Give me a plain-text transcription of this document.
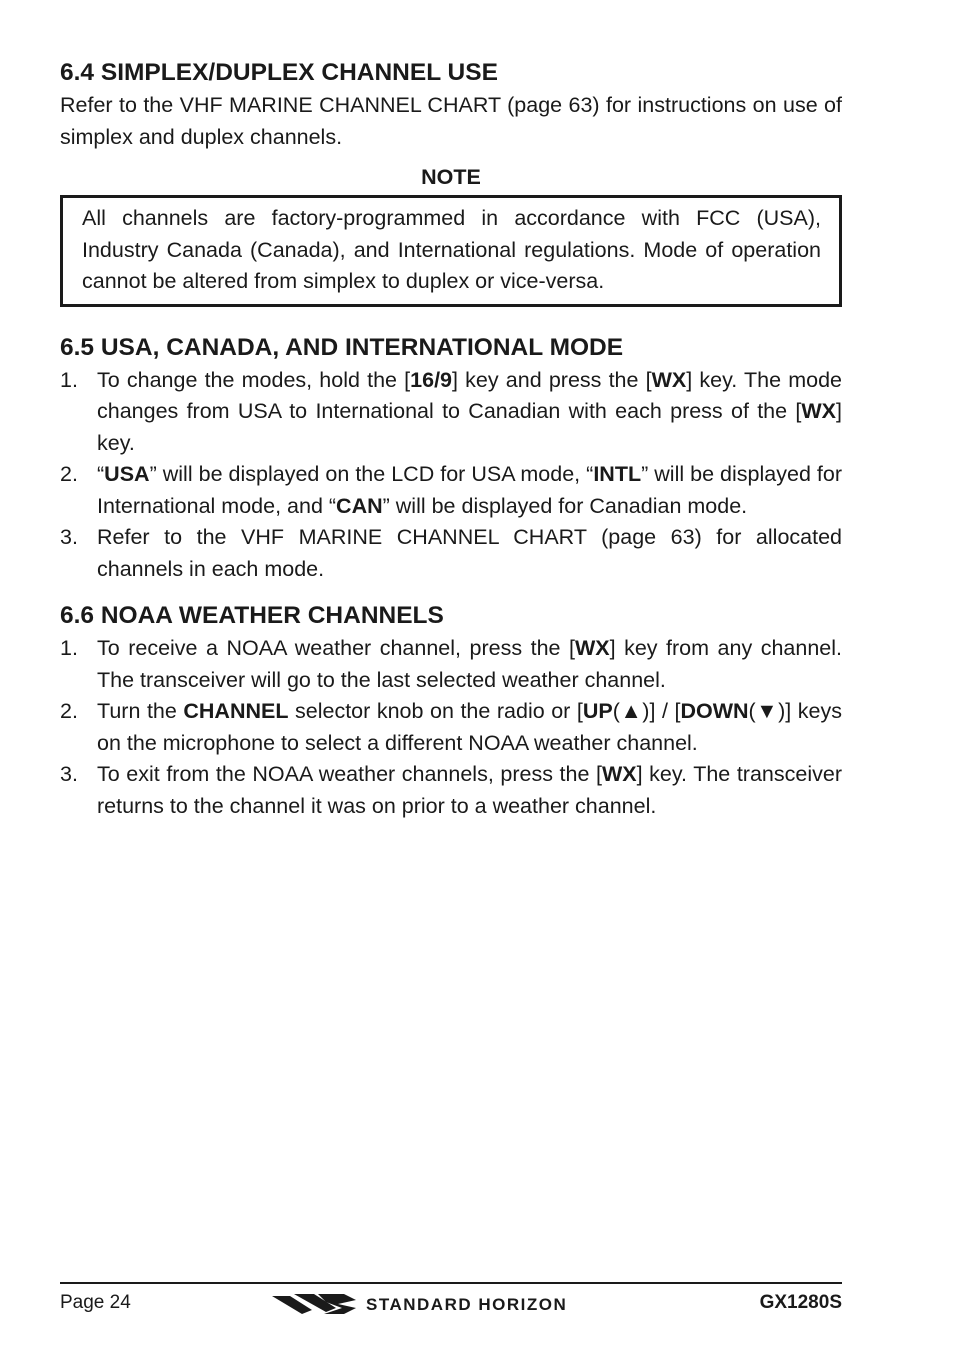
6.4 SIMPLEX/DUPLEX CHANNEL USE

Refer to the VHF MARINE CHANNEL CHART (page 63) for instructions on use of simplex and duplex channels.

NOTE
All channels are factory-programmed in accordance with FCC (USA), Industry Canada (Canada), and International regulations. Mode of operation cannot be altered from simplex to duplex or vice-versa.
6.5 USA, CANADA, AND INTERNATIONAL MODE
1. To change the modes, hold the [16/9] key and press the [WX] key. The mode changes from USA to International to Canadian with each press of the [WX] key.
2. “USA” will be displayed on the LCD for USA mode, “INTL” will be displayed for International mode, and “CAN” will be displayed for Canadian mode.
3. Refer to the VHF MARINE CHANNEL CHART (page 63) for allocated channels in each mode.
6.6 NOAA WEATHER CHANNELS
1. To receive a NOAA weather channel, press the [WX] key from any channel. The transceiver will go to the last selected weather channel.
2. Turn the CHANNEL selector knob on the radio or [UP(▲)] / [DOWN(▼)] keys on the microphone to select a different NOAA weather channel.
3. To exit from the NOAA weather channels, press the [WX] key. The transceiver returns to the channel it was on prior to a weather channel.
Page 24	STANDARD HORIZON	GX1280S
